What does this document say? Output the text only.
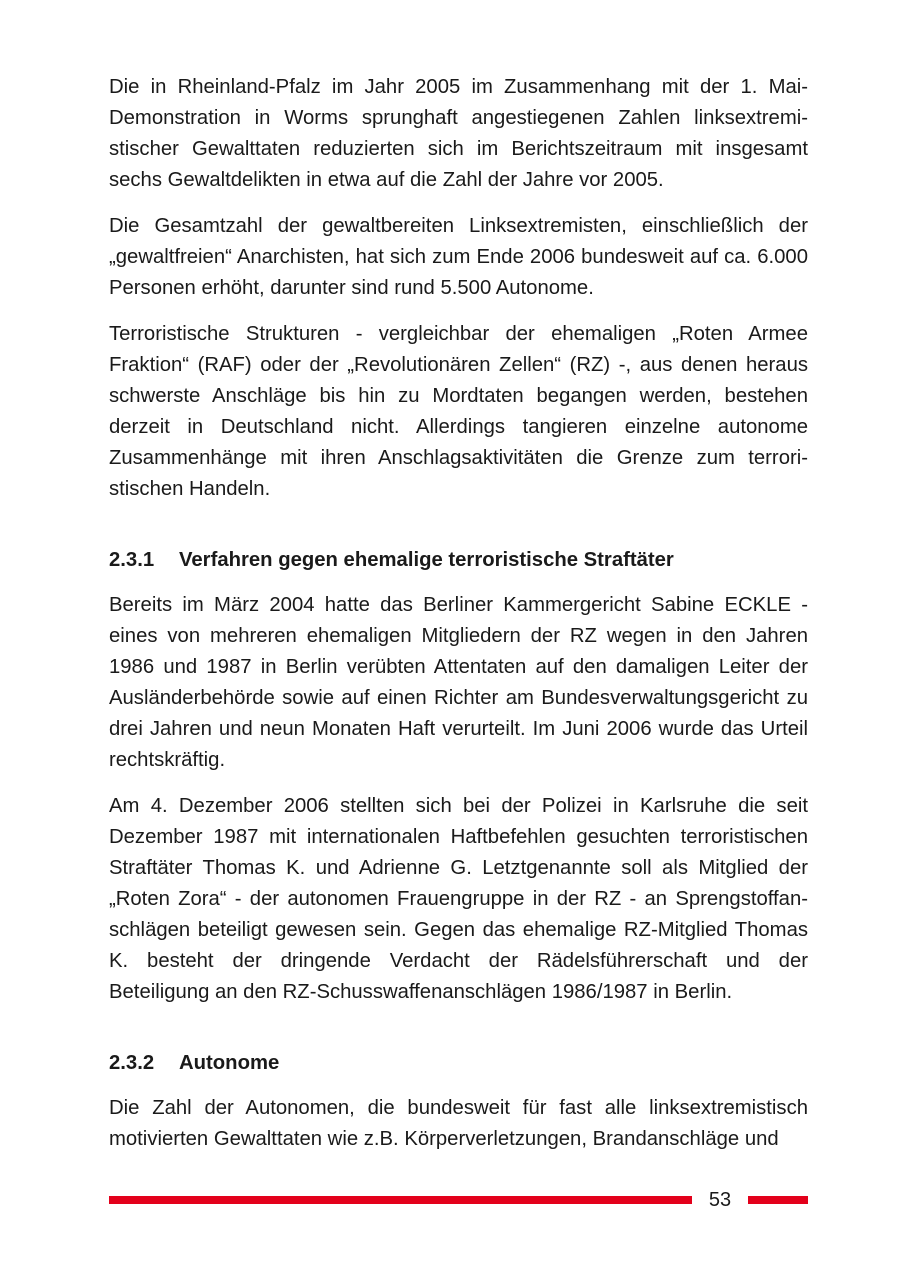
Die in Rheinland-Pfalz im Jahr 2005 im Zusammenhang mit der 1. Mai-Demonstration in Worms sprunghaft angestiegenen Zahlen linksextremistischer Gewalttaten reduzierten sich im Berichtszeitraum mit insgesamt sechs Gewaltdelikten in etwa auf die Zahl der Jahre vor 2005.

Die Gesamtzahl der gewaltbereiten Linksextremisten, einschließlich der „gewaltfreien“ Anarchisten, hat sich zum Ende 2006 bundesweit auf ca. 6.000 Personen erhöht, darunter sind rund 5.500 Autonome.

Terroristische Strukturen - vergleichbar der ehemaligen „Roten Armee Fraktion“ (RAF) oder der „Revolutionären Zellen“ (RZ) -, aus denen heraus schwerste Anschläge bis hin zu Mordtaten begangen werden, bestehen derzeit in Deutschland nicht. Allerdings tangieren einzelne autonome Zusammenhänge mit ihren Anschlagsaktivitäten die Grenze zum terroristischen Handeln.

2.3.1	Verfahren gegen ehemalige terroristische Straftäter

Bereits im März 2004 hatte das Berliner Kammergericht Sabine ECKLE - eines von mehreren ehemaligen Mitgliedern der RZ wegen in den Jahren 1986 und 1987 in Berlin verübten Attentaten auf den damaligen Leiter der Ausländerbehörde sowie auf einen Richter am Bundesverwaltungsgericht zu drei Jahren und neun Monaten Haft verurteilt. Im Juni 2006 wurde das Urteil rechtskräftig.

Am 4. Dezember 2006 stellten sich bei der Polizei in Karlsruhe die seit Dezember 1987 mit internationalen Haftbefehlen gesuchten terroristischen Straftäter Thomas K. und Adrienne G. Letztgenannte soll als Mitglied der „Roten Zora“ - der autonomen Frauengruppe in der RZ - an Sprengstoffanschlägen beteiligt gewesen sein. Gegen das ehemalige RZ-Mitglied Thomas K. besteht der dringende Verdacht der Rädelsführerschaft und der Beteiligung an den RZ-Schusswaffenanschlägen 1986/1987 in Berlin.

2.3.2	Autonome

Die Zahl der Autonomen, die bundesweit für fast alle linksextremistisch motivierten Gewalttaten wie z.B. Körperverletzungen, Brandanschläge und

53
